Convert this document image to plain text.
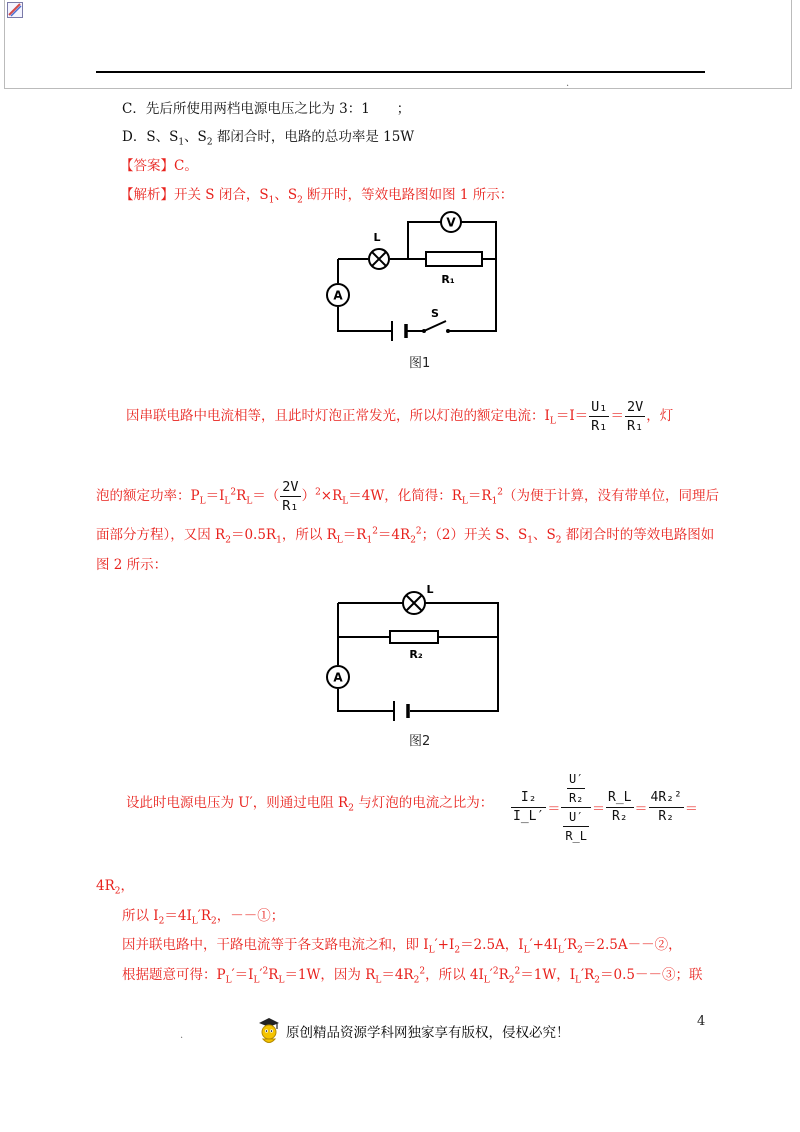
.
C．先后所使用两档电源电压之比为 3：1　　；
D．S、$S_1$、$S_2$ 都闭合时，电路的总功率是 15W
【答案】C。
【解析】开关 S 闭合，$S_1$、$S_2$ 断开时，等效电路图如图 1 所示：
V
L
R₁
A
S
图1
因串联电路中电流相等，且此时灯泡正常发光，所以灯泡的额定电流：$I_L=I= \frac{\text{U₁}}{\text{R₁}} = \frac{2V}{\text{R₁}}$ ，灯
泡的额定功率：$P_L=I_L^2R_L=( \frac{2V}{\text{R₁}} )^2\times R_L=4W$，化简得：$R_L=R_1^2$（为便于计算，没有带单位，同理后
面部分方程），又因 $R_2=0.5R_1$，所以 $R_L=R_1^2=4R_2^2$；（2）开关 S、$S_1$、$S_2$ 都闭合时的等效电路图如
图 2 所示：
L
R₂
A
图2
设此时电源电压为 U′，则通过电阻 $R_2$ 与灯泡的电流之比为： $\frac{\text{I₂}}{I\_L'} = \frac{\frac{U'}{\text{R₂}}}{\frac{U'}{R\_L}} = \frac{R\_L}{\text{R₂}} = \frac{\text{4R₂²}}{\text{R₂}}$ ＝
$4R_2$，
所以 $I_2=4I_L'R_2$，－－①；
因并联电路中，干路电流等于各支路电流之和，即 $I_L'+I_2=2.5A$，$I_L'+4I_L'R_2=2.5A--②$，
根据题意可得：$P_L'=I_L'^2R_L=1W$，因为 $R_L=4R_2^2$，所以 $4I_L'^2R_2^2=1W$，$I_L'R_2=0.5--③$；联
4
.	原创精品资源学科网独家享有版权，侵权必究！
